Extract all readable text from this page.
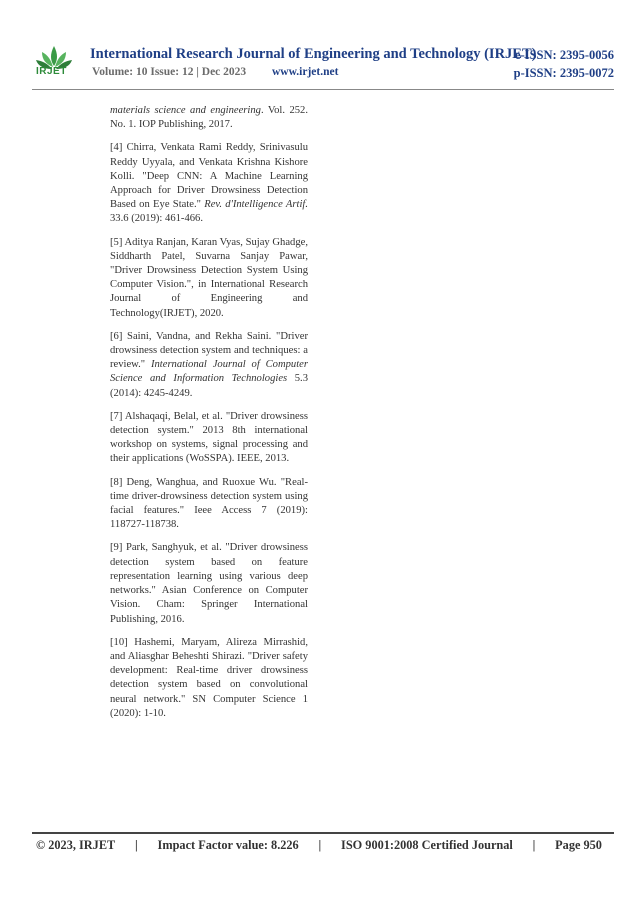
IRJET
International Research Journal of Engineering and Technology (IRJET)
e-ISSN: 2395-0056
Volume: 10 Issue: 12 | Dec 2023 www.irjet.net	p-ISSN: 2395-0072

materials science and engineering. Vol. 252. No. 1. IOP Publishing, 2017.

[4] Chirra, Venkata Rami Reddy, Srinivasulu Reddy Uyyala, and Venkata Krishna Kishore Kolli. "Deep CNN: A Machine Learning Approach for Driver Drowsiness Detection Based on Eye State." Rev. d'Intelligence Artif. 33.6 (2019): 461-466.

[5] Aditya Ranjan, Karan Vyas, Sujay Ghadge, Siddharth Patel, Suvarna Sanjay Pawar, "Driver Drowsiness Detection System Using Computer Vision.", in International Research Journal of Engineering and Technology(IRJET), 2020.

[6] Saini, Vandna, and Rekha Saini. "Driver drowsiness detection system and techniques: a review." International Journal of Computer Science and Information Technologies 5.3 (2014): 4245-4249.

[7] Alshaqaqi, Belal, et al. "Driver drowsiness detection system." 2013 8th international workshop on systems, signal processing and their applications (WoSSPA). IEEE, 2013.

[8] Deng, Wanghua, and Ruoxue Wu. "Real-time driver-drowsiness detection system using facial features." Ieee Access 7 (2019): 118727-118738.

[9] Park, Sanghyuk, et al. "Driver drowsiness detection system based on feature representation learning using various deep networks." Asian Conference on Computer Vision. Cham: Springer International Publishing, 2016.

[10] Hashemi, Maryam, Alireza Mirrashid, and Aliasghar Beheshti Shirazi. "Driver safety development: Real-time driver drowsiness detection system based on convolutional neural network." SN Computer Science 1 (2020): 1-10.

© 2023, IRJET | Impact Factor value: 8.226 | ISO 9001:2008 Certified Journal | Page 950
